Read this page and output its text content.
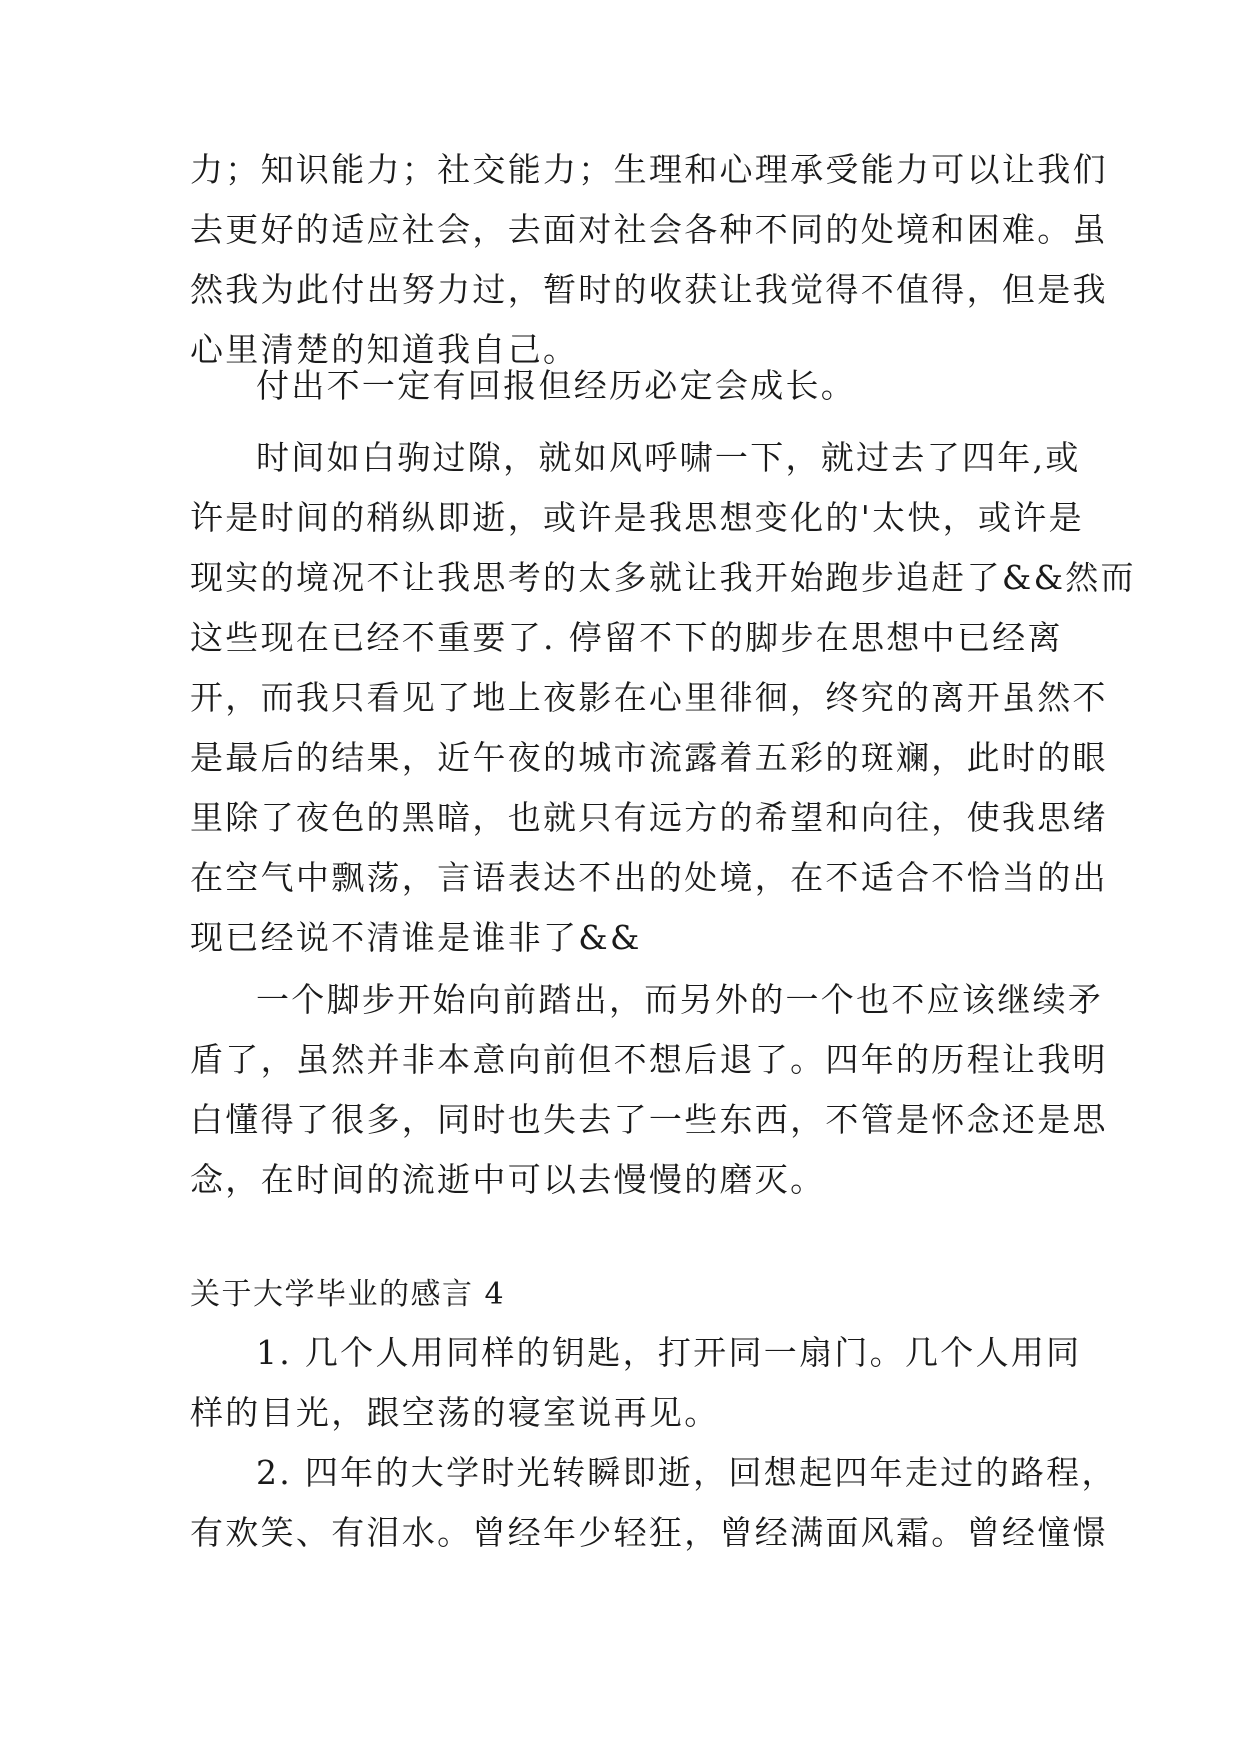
力；知识能力；社交能力；生理和心理承受能力可以让我们
去更好的适应社会，去面对社会各种不同的处境和困难。虽
然我为此付出努力过，暂时的收获让我觉得不值得，但是我
心里清楚的知道我自己。
付出不一定有回报但经历必定会成长。
时间如白驹过隙，就如风呼啸一下，就过去了四年,或
许是时间的稍纵即逝，或许是我思想变化的'太快，或许是
现实的境况不让我思考的太多就让我开始跑步追赶了&&然而
这些现在已经不重要了. 停留不下的脚步在思想中已经离
开，而我只看见了地上夜影在心里徘徊，终究的离开虽然不
是最后的结果，近午夜的城市流露着五彩的斑斓，此时的眼
里除了夜色的黑暗，也就只有远方的希望和向往，使我思绪
在空气中飘荡，言语表达不出的处境，在不适合不恰当的出
现已经说不清谁是谁非了&&
一个脚步开始向前踏出，而另外的一个也不应该继续矛
盾了，虽然并非本意向前但不想后退了。四年的历程让我明
白懂得了很多，同时也失去了一些东西，不管是怀念还是思
念，在时间的流逝中可以去慢慢的磨灭。
关于大学毕业的感言 4
1. 几个人用同样的钥匙，打开同一扇门。几个人用同
样的目光，跟空荡的寝室说再见。
2. 四年的大学时光转瞬即逝，回想起四年走过的路程，
有欢笑、有泪水。曾经年少轻狂，曾经满面风霜。曾经憧憬
